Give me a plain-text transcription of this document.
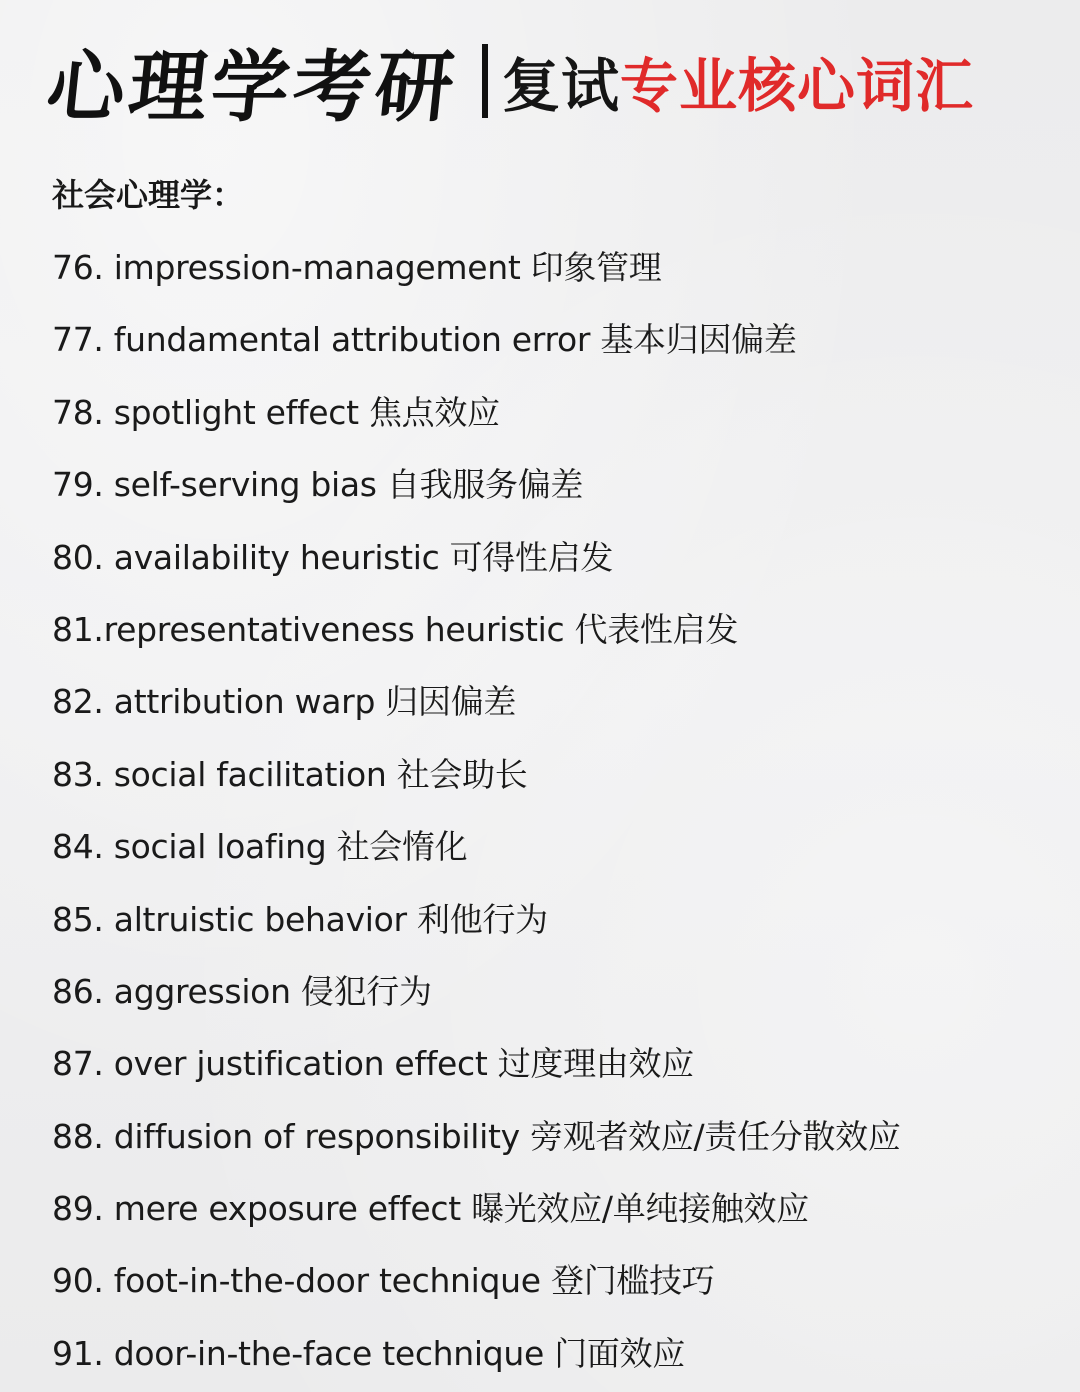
心理学考研 复试 专业核心词汇
社会心理学：
76. impression-management 印象管理
77. fundamental attribution error 基本归因偏差
78. spotlight effect 焦点效应
79. self-serving bias 自我服务偏差
80. availability heuristic 可得性启发
81.representativeness heuristic 代表性启发
82. attribution warp 归因偏差
83. social facilitation 社会助长
84. social loafing 社会惰化
85. altruistic behavior 利他行为
86. aggression 侵犯行为
87. over justification effect 过度理由效应
88. diffusion of responsibility 旁观者效应/责任分散效应
89. mere exposure effect 曝光效应/单纯接触效应
90. foot-in-the-door technique 登门槛技巧
91. door-in-the-face technique 门面效应
